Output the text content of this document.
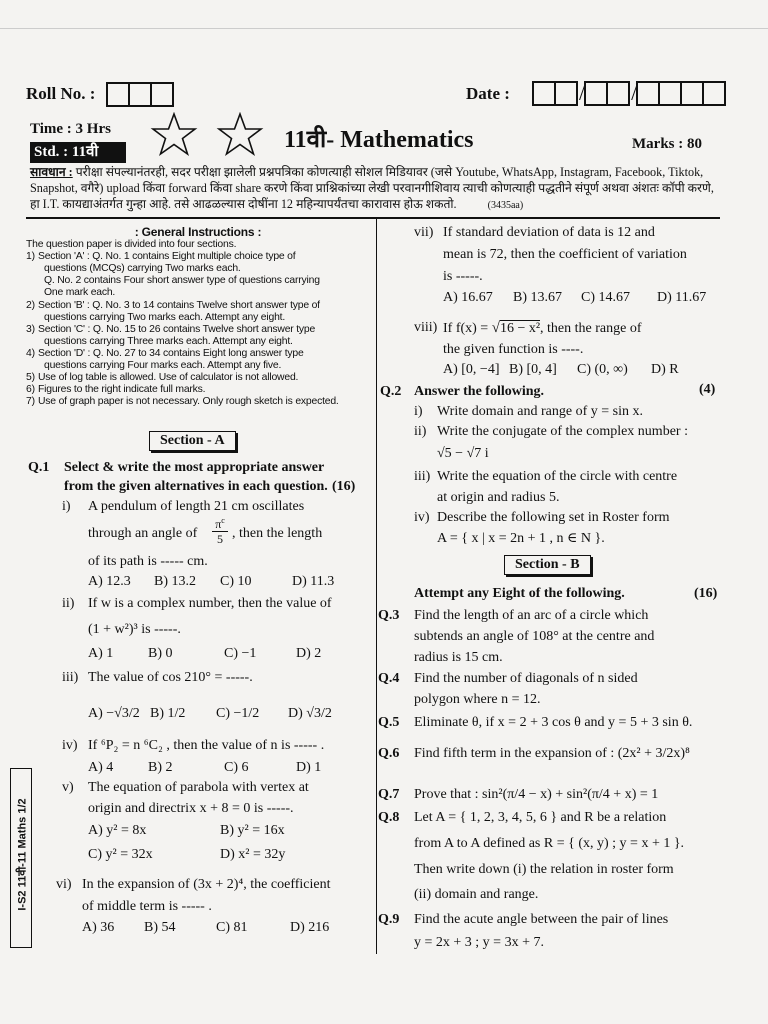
Roll No. :	Date :	/ /
Time : 3 Hrs
Std. : 11वी	11वी- Mathematics	Marks : 80
सावधान : परीक्षा संपल्यानंतरही, सदर परीक्षा झालेली प्रश्नपत्रिका कोणत्याही सोशल मिडियावर (जसे Youtube, WhatsApp, Instagram, Facebook, Tiktok, Snapshot, वगैरे) upload किंवा forward किंवा share करणे किंवा प्राश्निकांच्या लेखी परवानगीशिवाय त्याची कोणत्याही पद्धतीने संपूर्ण अथवा अंशतः कॉपी करणे, हा I.T. कायद्याअंतर्गत गुन्हा आहे. तसे आढळल्यास दोषींना 12 महिन्यापर्यंतचा कारावास होऊ शकतो.	(3435aa)
: General Instructions :
The question paper is divided into four sections.
1) Section 'A' : Q. No. 1 contains Eight multiple choice type of
questions (MCQs) carrying Two marks each.
Q. No. 2 contains Four short answer type of questions carrying
One mark each.
2) Section 'B' : Q. No. 3 to 14 contains Twelve short answer type of
questions carrying Two marks each. Attempt any eight.
3) Section 'C' : Q. No. 15 to 26 contains Twelve short answer type
questions carrying Three marks each. Attempt any eight.
4) Section 'D' : Q. No. 27 to 34 contains Eight long answer type
questions carrying Four marks each. Attempt any five.
5) Use of log table is allowed. Use of calculator is not allowed.
6) Figures to the right indicate full marks.
7) Use of graph paper is not necessary. Only rough sketch is expected.
Section - A
Q.1 Select & write the most appropriate answer
from the given alternatives in each question. (16)
i) A pendulum of length 21 cm oscillates
through an angle of
$\pi^c$
5 , then the length
of its path is ----- cm.
A) 12.3	B) 13.2	C) 10	D) 11.3
ii) If w is a complex number, then the value of
(1 + w²)³ is -----.
A) 1	B) 0	C) −1	D) 2
iii) The value of cos 210° = -----.
A) −√3/2 B) 1/2	C) −1/2	D) √3/2
iv) If ⁶P₂ = n ⁶C₂ , then the value of n is ----- .
A) 4	B) 2	C) 6	D) 1
v) The equation of parabola with vertex at
origin and directrix x + 8 = 0 is -----.
A) y² = 8x	B) y² = 16x
C) y² = 32x	D) x² = 32y
vi) In the expansion of (3x + 2)⁴, the coefficient
of middle term is ----- .
A) 36	B) 54	C) 81	D) 216
I-S2 11वी-11 Maths 1/2
vii) If standard deviation of data is 12 and
mean is 72, then the coefficient of variation
is -----.
A) 16.67	B) 13.67	C) 14.67	D) 11.67
viii) If f(x) = √16 − x², then the range of
the given function is ----.
A) [0, −4] B) [0, 4]	C) (0, ∞)	D) R
Q.2 Answer the following.	(4)
i) Write domain and range of y = sin x.
ii) Write the conjugate of the complex number :
√5 − √7 i
iii) Write the equation of the circle with centre
at origin and radius 5.
iv) Describe the following set in Roster form
A = { x | x = 2n + 1 , n ∈ N }.
Section - B
Attempt any Eight of the following.	(16)
Q.3 Find the length of an arc of a circle which
subtends an angle of 108° at the centre and
radius is 15 cm.
Q.4 Find the number of diagonals of n sided
polygon where n = 12.
Q.5 Eliminate θ, if x = 2 + 3 cos θ and y = 5 + 3 sin θ.
Q.6 Find fifth term in the expansion of : (2x² + 3/2x)⁸
Q.7 Prove that : sin²(π/4 − x) + sin²(π/4 + x) = 1
Q.8 Let A = { 1, 2, 3, 4, 5, 6 } and R be a relation
from A to A defined as R = { (x, y) ; y = x + 1 }.
Then write down (i) the relation in roster form
(ii) domain and range.
Q.9 Find the acute angle between the pair of lines
y = 2x + 3 ; y = 3x + 7.
